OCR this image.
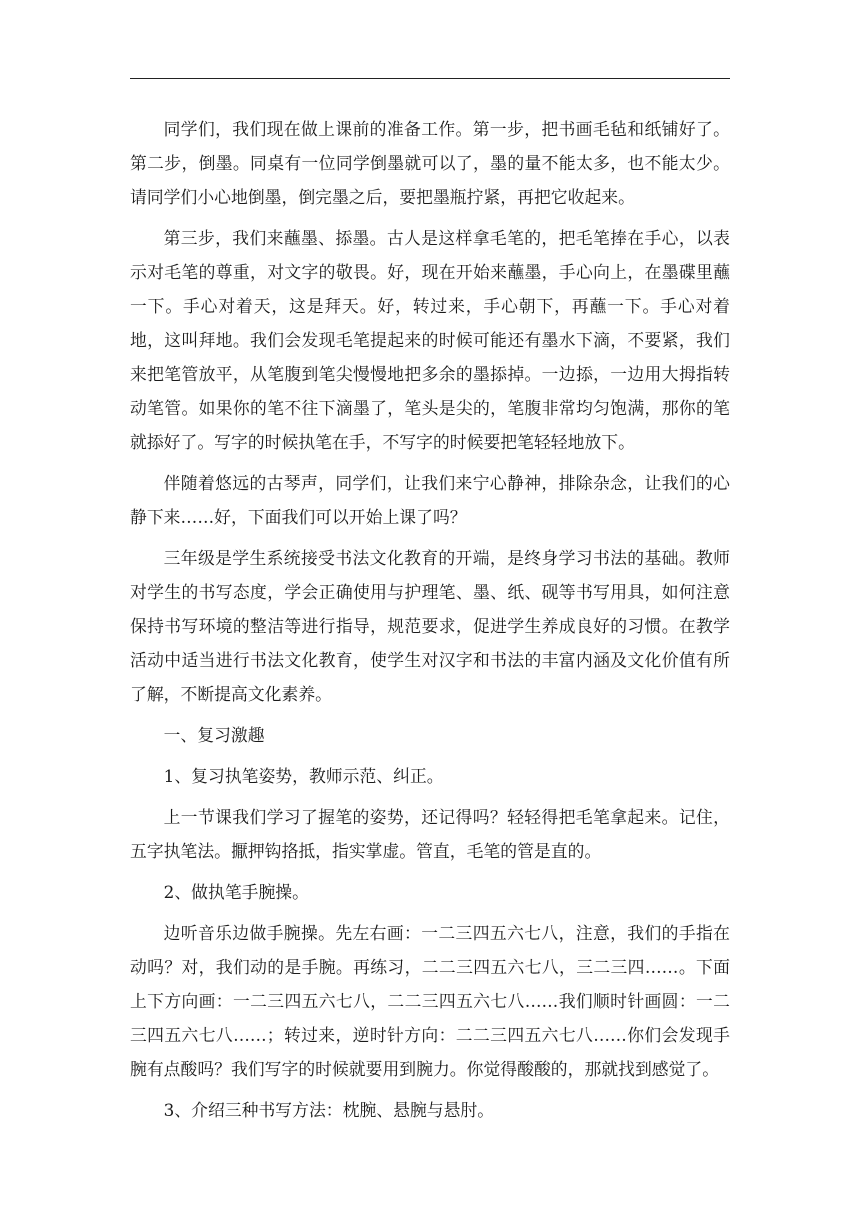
同学们，我们现在做上课前的准备工作。第一步，把书画毛毡和纸铺好了。第二步，倒墨。同桌有一位同学倒墨就可以了，墨的量不能太多，也不能太少。请同学们小心地倒墨，倒完墨之后，要把墨瓶拧紧，再把它收起来。

第三步，我们来蘸墨、掭墨。古人是这样拿毛笔的，把毛笔捧在手心，以表示对毛笔的尊重，对文字的敬畏。好，现在开始来蘸墨，手心向上，在墨碟里蘸一下。手心对着天，这是拜天。好，转过来，手心朝下，再蘸一下。手心对着地，这叫拜地。我们会发现毛笔提起来的时候可能还有墨水下滴，不要紧，我们来把笔管放平，从笔腹到笔尖慢慢地把多余的墨掭掉。一边掭，一边用大拇指转动笔管。如果你的笔不往下滴墨了，笔头是尖的，笔腹非常均匀饱满，那你的笔就掭好了。写字的时候执笔在手，不写字的时候要把笔轻轻地放下。

伴随着悠远的古琴声，同学们，让我们来宁心静神，排除杂念，让我们的心静下来……好，下面我们可以开始上课了吗？

三年级是学生系统接受书法文化教育的开端，是终身学习书法的基础。教师对学生的书写态度，学会正确使用与护理笔、墨、纸、砚等书写用具，如何注意保持书写环境的整洁等进行指导，规范要求，促进学生养成良好的习惯。在教学活动中适当进行书法文化教育，使学生对汉字和书法的丰富内涵及文化价值有所了解，不断提高文化素养。

一、复习激趣

1、复习执笔姿势，教师示范、纠正。

上一节课我们学习了握笔的姿势，还记得吗？轻轻得把毛笔拿起来。记住，五字执笔法。擫押钩挌抵，指实掌虚。管直，毛笔的管是直的。

2、做执笔手腕操。

边听音乐边做手腕操。先左右画：一二三四五六七八，注意，我们的手指在动吗？对，我们动的是手腕。再练习，二二三四五六七八，三二三四……。下面上下方向画：一二三四五六七八，二二三四五六七八……我们顺时针画圆：一二三四五六七八……；转过来，逆时针方向：二二三四五六七八……你们会发现手腕有点酸吗？我们写字的时候就要用到腕力。你觉得酸酸的，那就找到感觉了。

3、介绍三种书写方法：枕腕、悬腕与悬肘。
